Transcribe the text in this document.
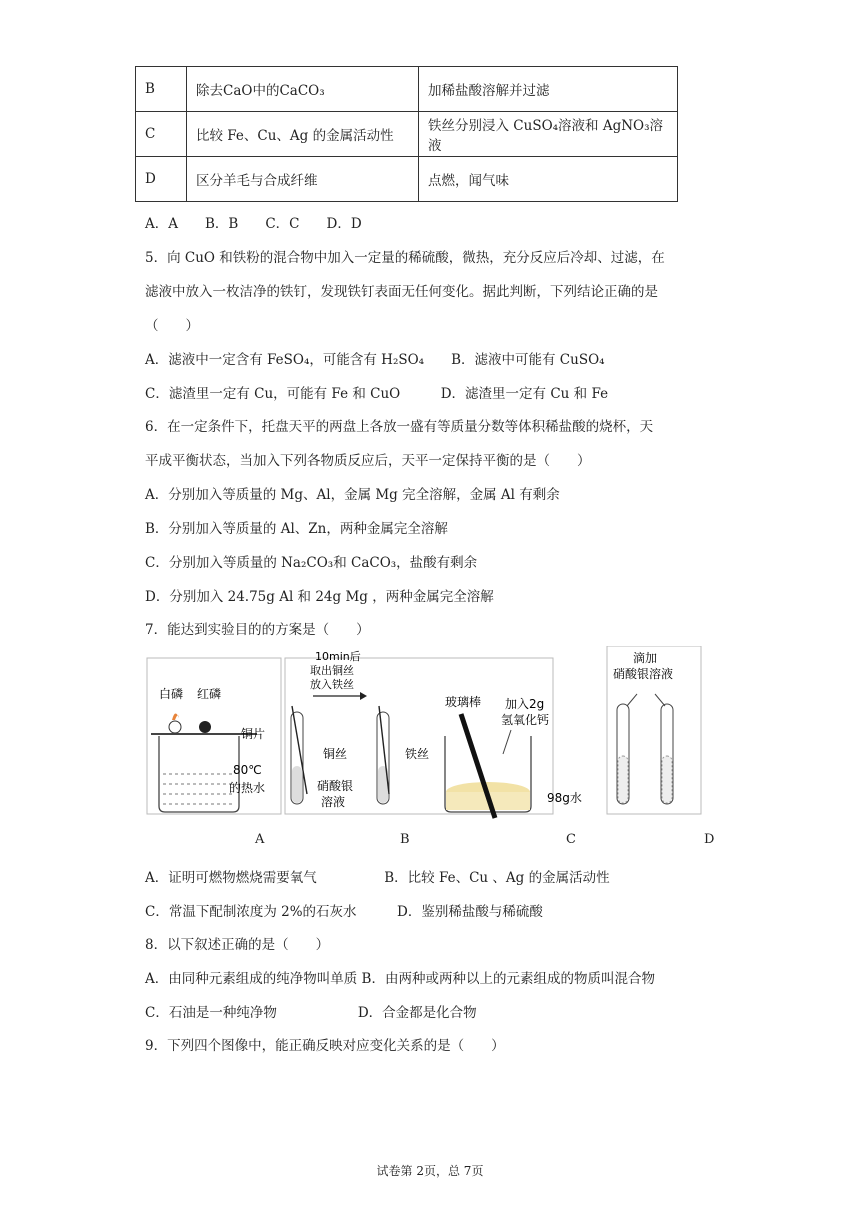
B	除去CaO中的CaCO₃	加稀盐酸溶解并过滤
C	比较 Fe、Cu、Ag 的金属活动性	铁丝分别浸入 CuSO₄溶液和 AgNO₃溶液
D	区分羊毛与合成纤维	点燃，闻气味
A．A　　B．B　　C．C　　D．D
5．向 CuO 和铁粉的混合物中加入一定量的稀硫酸，微热，充分反应后冷却、过滤，在
滤液中放入一枚洁净的铁钉，发现铁钉表面无任何变化。据此判断，下列结论正确的是
（　　）
A．滤液中一定含有 FeSO₄，可能含有 H₂SO₄　　B．滤液中可能有 CuSO₄
C．滤渣里一定有 Cu，可能有 Fe 和 CuO　　　D．滤渣里一定有 Cu 和 Fe
6．在一定条件下，托盘天平的两盘上各放一盛有等质量分数等体积稀盐酸的烧杯，天
平成平衡状态，当加入下列各物质反应后，天平一定保持平衡的是（　　）
A．分别加入等质量的 Mg、Al，金属 Mg 完全溶解，金属 Al 有剩余
B．分别加入等质量的 Al、Zn，两种金属完全溶解
C．分别加入等质量的 Na₂CO₃和 CaCO₃，盐酸有剩余
D．分别加入 24.75g Al 和 24g Mg ，两种金属完全溶解
7．能达到实验目的的方案是（　　）
白磷 红磷
铜片
80℃
的热水
10min后
取出铜丝
放入铁丝
铜丝	铁丝
硝酸银
溶液
玻璃棒 加入2g
氢氧化钙
98g水
滴加
硝酸银溶液
A	B	C	D
A．证明可燃物燃烧需要氧气　　　　　B．比较 Fe、Cu 、Ag 的金属活动性
C．常温下配制浓度为 2%的石灰水　　　D．鉴别稀盐酸与稀硫酸
8．以下叙述正确的是（　　）
A．由同种元素组成的纯净物叫单质 B．由两种或两种以上的元素组成的物质叫混合物
C．石油是一种纯净物　　　　　　D．合金都是化合物
9．下列四个图像中，能正确反映对应变化关系的是（　　）
试卷第 2页，总 7页
